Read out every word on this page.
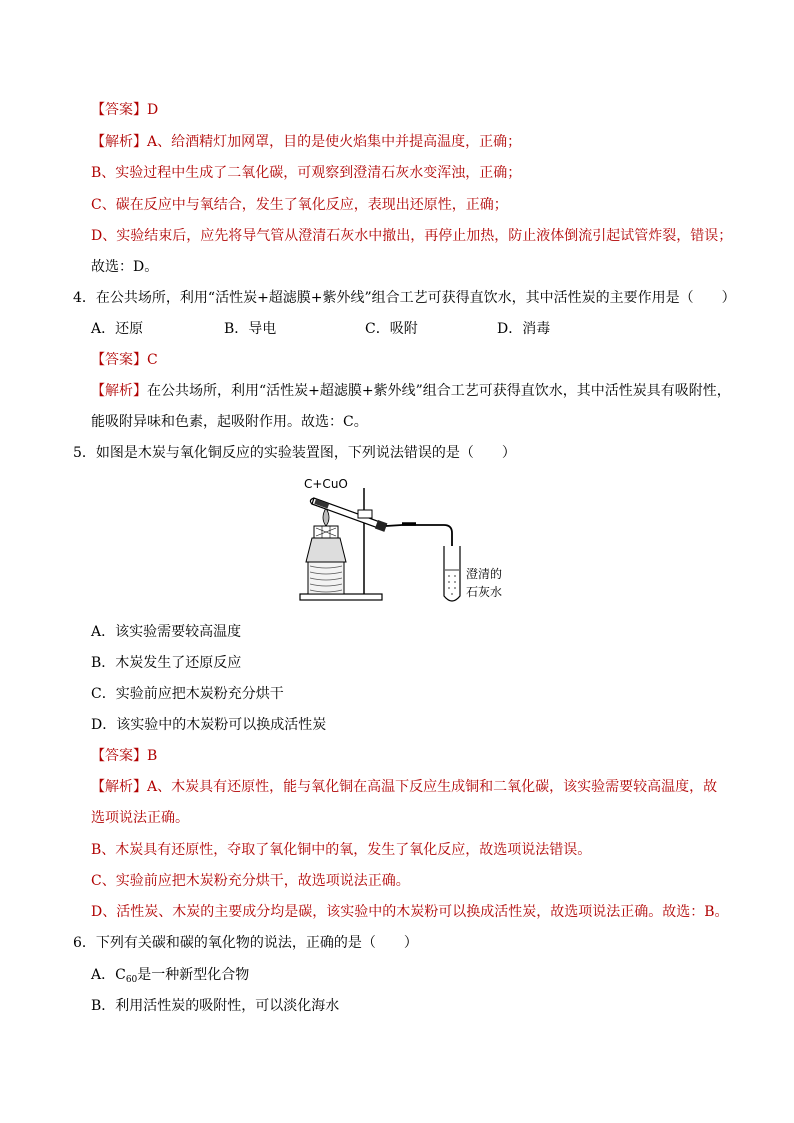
【答案】D
【解析】A、给酒精灯加网罩，目的是使火焰集中并提高温度，正确；
B、实验过程中生成了二氧化碳，可观察到澄清石灰水变浑浊，正确；
C、碳在反应中与氧结合，发生了氧化反应，表现出还原性，正确；
D、实验结束后，应先将导气管从澄清石灰水中撤出，再停止加热，防止液体倒流引起试管炸裂，错误；
故选：D。
4．在公共场所，利用“活性炭+超滤膜+紫外线”组合工艺可获得直饮水，其中活性炭的主要作用是（　　）
A．还原	B．导电	C．吸附	D．消毒
【答案】C
【解析】在公共场所，利用“活性炭+超滤膜+紫外线”组合工艺可获得直饮水，其中活性炭具有吸附性，
能吸附异味和色素，起吸附作用。故选：C。
5．如图是木炭与氧化铜反应的实验装置图，下列说法错误的是（　　）
C+CuO
澄清的
石灰水
A．该实验需要较高温度
B．木炭发生了还原反应
C．实验前应把木炭粉充分烘干
D．该实验中的木炭粉可以换成活性炭
【答案】B
【解析】A、木炭具有还原性，能与氧化铜在高温下反应生成铜和二氧化碳，该实验需要较高温度，故
选项说法正确。
B、木炭具有还原性，夺取了氧化铜中的氧，发生了氧化反应，故选项说法错误。
C、实验前应把木炭粉充分烘干，故选项说法正确。
D、活性炭、木炭的主要成分均是碳，该实验中的木炭粉可以换成活性炭，故选项说法正确。故选：B。
6．下列有关碳和碳的氧化物的说法，正确的是（　　）
A．$C_{60}$是一种新型化合物
B．利用活性炭的吸附性，可以淡化海水
